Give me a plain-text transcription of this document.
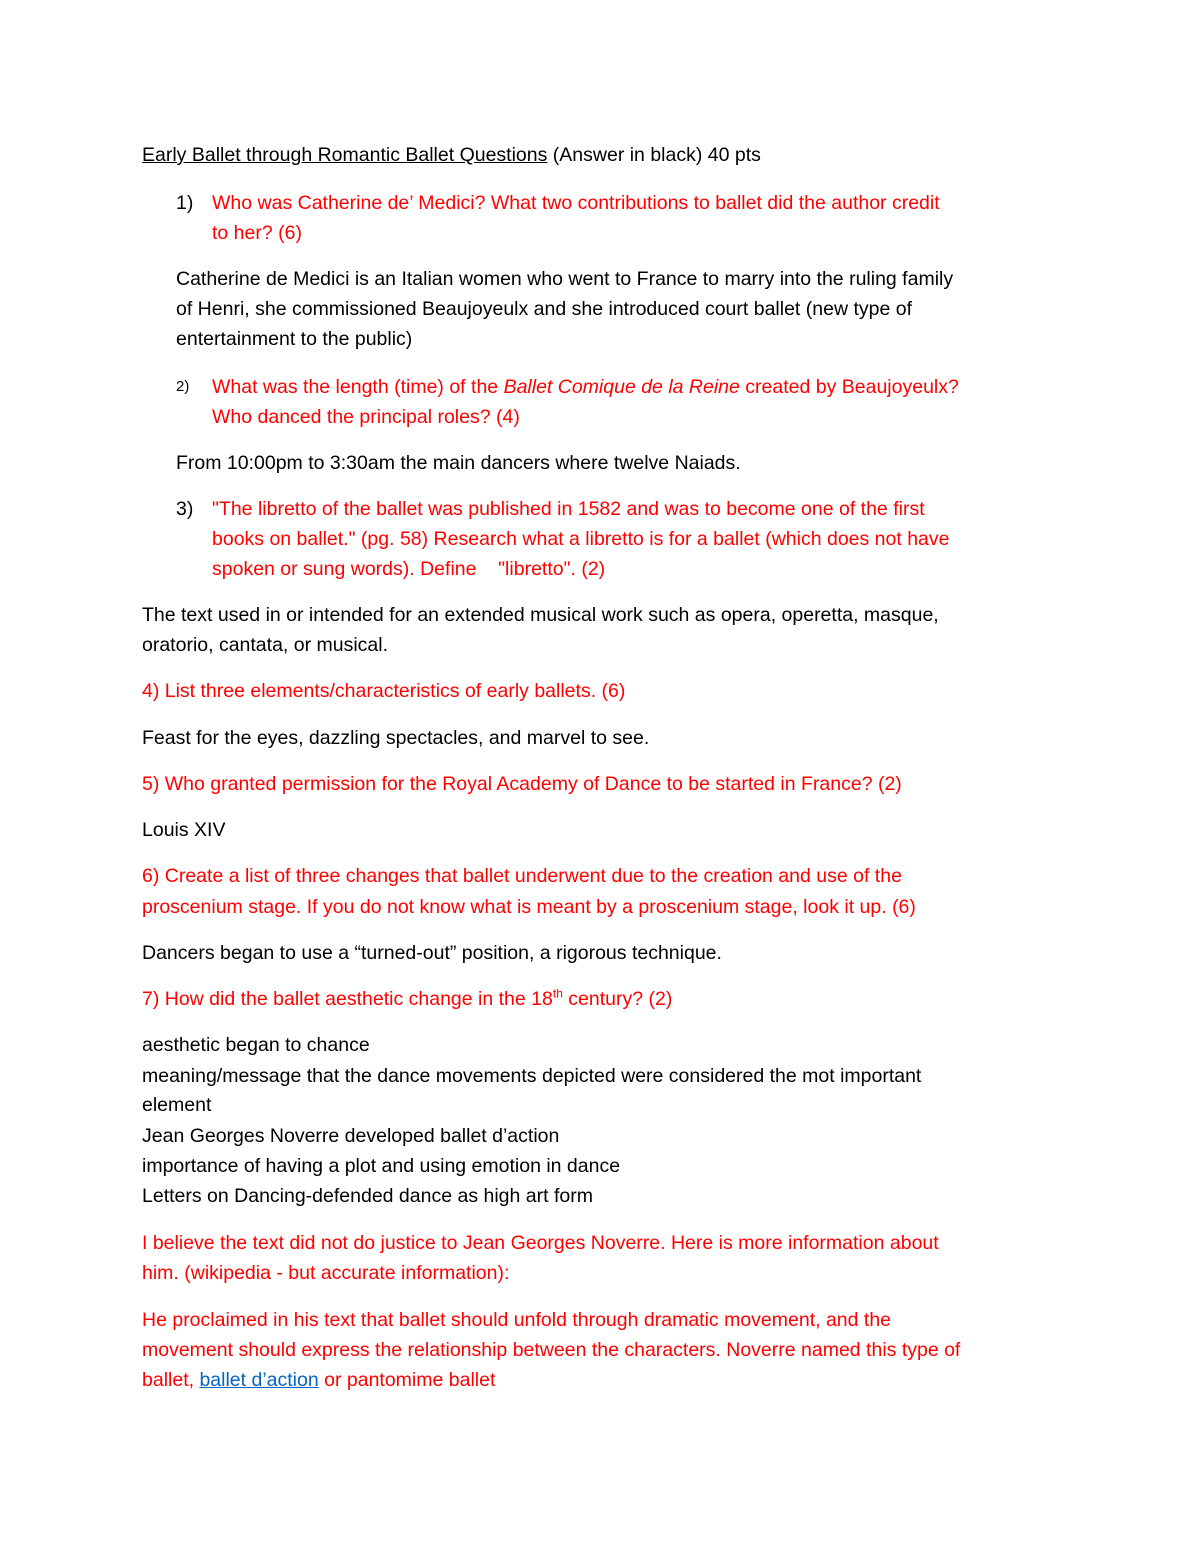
Early Ballet through Romantic Ballet Questions (Answer in black) 40 pts
1) Who was Catherine de’ Medici? What two contributions to ballet did the author credit
to her? (6)
Catherine de Medici is an Italian women who went to France to marry into the ruling family
of Henri, she commissioned Beaujoyeulx and she introduced court ballet (new type of
entertainment to the public)
2) What was the length (time) of the Ballet Comique de la Reine created by Beaujoyeulx?
Who danced the principal roles? (4)
From 10:00pm to 3:30am the main dancers where twelve Naiads.
3) "The libretto of the ballet was published in 1582 and was to become one of the first
books on ballet." (pg. 58) Research what a libretto is for a ballet (which does not have
spoken or sung words). Define    "libretto". (2)
The text used in or intended for an extended musical work such as opera, operetta, masque,
oratorio, cantata, or musical.
4) List three elements/characteristics of early ballets. (6)
Feast for the eyes, dazzling spectacles, and marvel to see.
5) Who granted permission for the Royal Academy of Dance to be started in France? (2)
Louis XIV
6) Create a list of three changes that ballet underwent due to the creation and use of the
proscenium stage. If you do not know what is meant by a proscenium stage, look it up. (6)
Dancers began to use a “turned-out” position, a rigorous technique.
7) How did the ballet aesthetic change in the 18th century? (2)
aesthetic began to chance
meaning/message that the dance movements depicted were considered the mot important
element
Jean Georges Noverre developed ballet d’action
importance of having a plot and using emotion in dance
Letters on Dancing-defended dance as high art form
I believe the text did not do justice to Jean Georges Noverre. Here is more information about
him. (wikipedia - but accurate information):
He proclaimed in his text that ballet should unfold through dramatic movement, and the
movement should express the relationship between the characters. Noverre named this type of
ballet, ballet d’action or pantomime ballet
